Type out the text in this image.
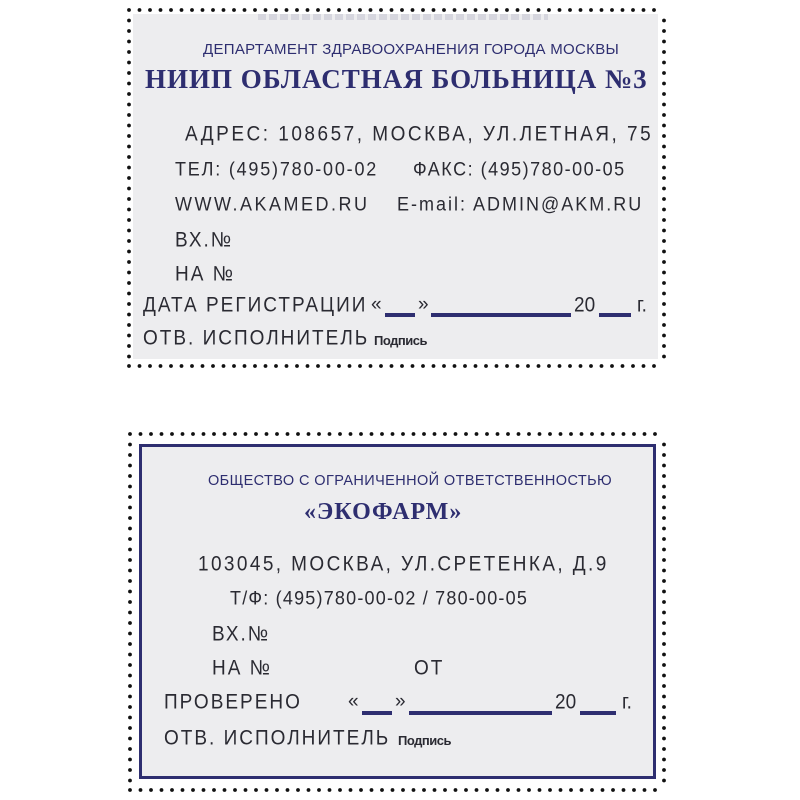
ДЕПАРТАМЕНТ ЗДРАВООХРАНЕНИЯ ГОРОДА МОСКВЫ
НИИП ОБЛАСТНАЯ БОЛЬНИЦА №3
АДРЕС: 108657, МОСКВА, УЛ.ЛЕТНАЯ, 75
ТЕЛ: (495)780-00-02 ФАКС: (495)780-00-05
WWW.AKAMED.RU E-mail: ADMIN@AKM.RU
ВХ.№
НА №
ДАТА РЕГИСТРАЦИИ « »	20 г.
ОТВ. ИСПОЛНИТЕЛЬ Подпись
ОБЩЕСТВО С ОГРАНИЧЕННОЙ ОТВЕТСТВЕННОСТЬЮ
«ЭКОФАРМ»
103045, МОСКВА, УЛ.СРЕТЕНКА, Д.9
Т/Ф: (495)780-00-02 / 780-00-05
ВХ.№
НА №	ОТ
ПРОВЕРЕНО « »	20 г.
ОТВ. ИСПОЛНИТЕЛЬ Подпись
